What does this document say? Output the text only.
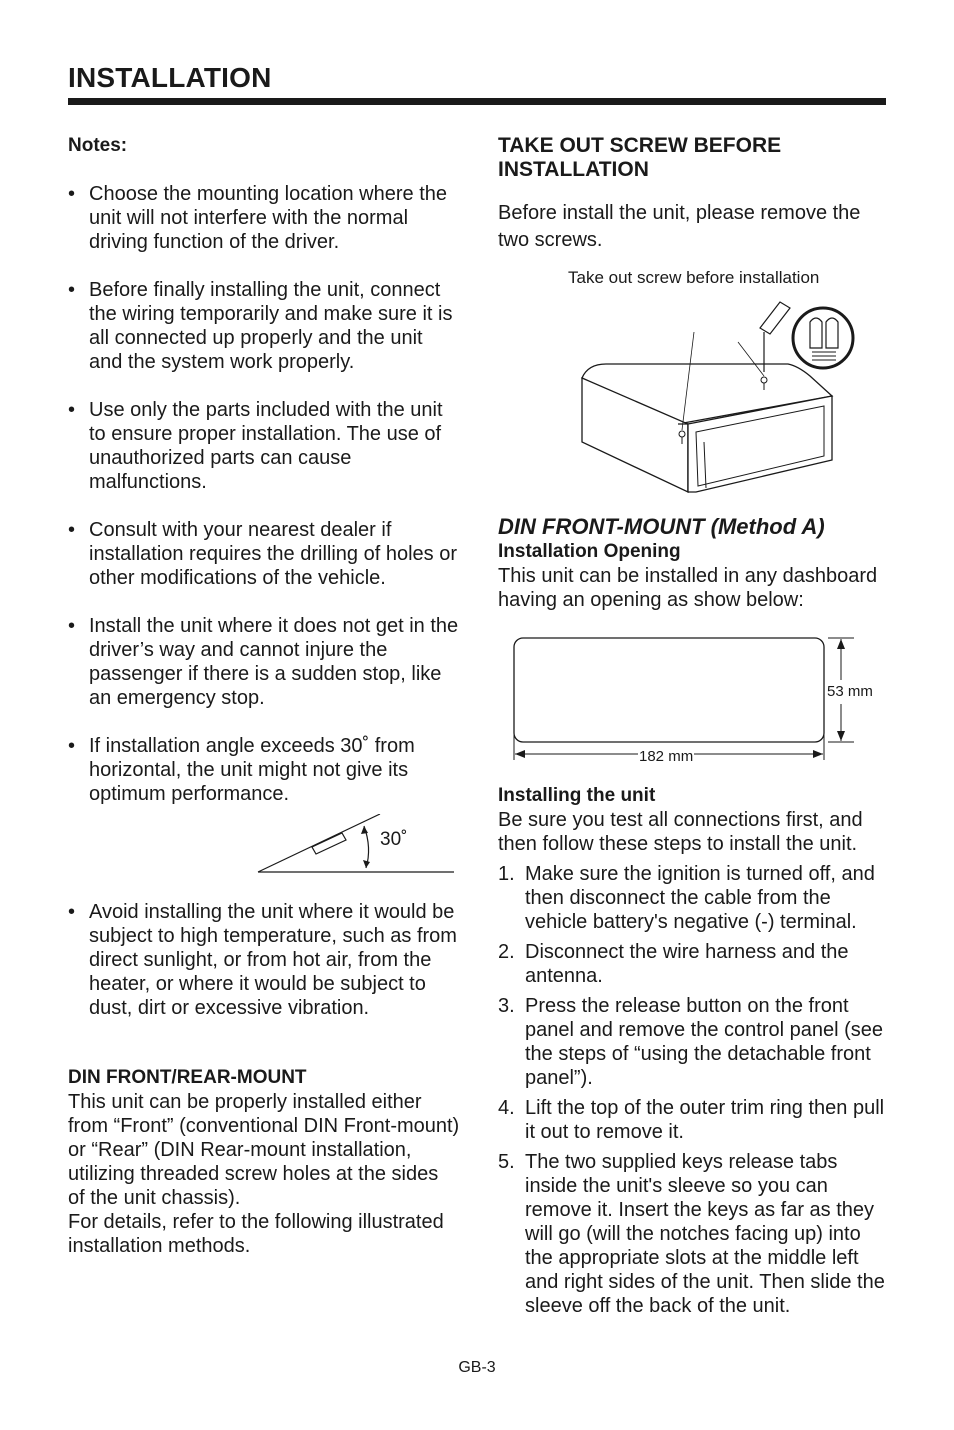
INSTALLATION
Notes:
• Choose the mounting location where the unit will not interfere with the normal driving function of the driver.
• Before finally installing the unit, connect the wiring temporarily and make sure it is all connected up properly and the unit and the system work properly.
• Use only the parts included with the unit to ensure proper installation. The use of unauthorized parts can cause malfunctions.
• Consult with your nearest dealer if installation requires the drilling of holes or other modifications of the vehicle.
• Install the unit where it does not get in the driver’s way and cannot injure the passenger if there is a sudden stop, like an emergency stop.
• If installation angle exceeds 30˚ from horizontal, the unit might not give its optimum performance.
30˚
• Avoid installing the unit where it would be subject to high temperature, such as from direct sunlight, or from hot air, from the heater, or where it would be subject to dust, dirt or excessive vibration.
DIN FRONT/REAR-MOUNT
This unit can be properly installed either from “Front” (conventional DIN Front-mount) or “Rear” (DIN Rear-mount installation, utilizing threaded screw holes at the sides of the unit chassis).
For details, refer to the following illustrated installation methods.
TAKE OUT SCREW BEFORE INSTALLATION
Before install the unit, please remove the two screws.
Take out screw before installation
DIN FRONT-MOUNT (Method A)
Installation Opening
This unit can be installed in any dashboard having an opening as show below:
53 mm
182 mm
Installing the unit
Be sure you test all connections first, and then follow these steps to install the unit.
1. Make sure the ignition is turned off, and then disconnect the cable from the vehicle battery's negative (-) terminal.
2. Disconnect the wire harness and the antenna.
3. Press the release button on the front panel and remove the control panel (see the steps of “using the detachable front panel”).
4. Lift the top of the outer trim ring then pull it out to remove it.
5. The two supplied keys release tabs inside the unit's sleeve so you can remove it. Insert the keys as far as they will go (will the notches facing up) into the appropriate slots at the middle left and right sides of the unit. Then slide the sleeve off the back of the unit.
GB-3
